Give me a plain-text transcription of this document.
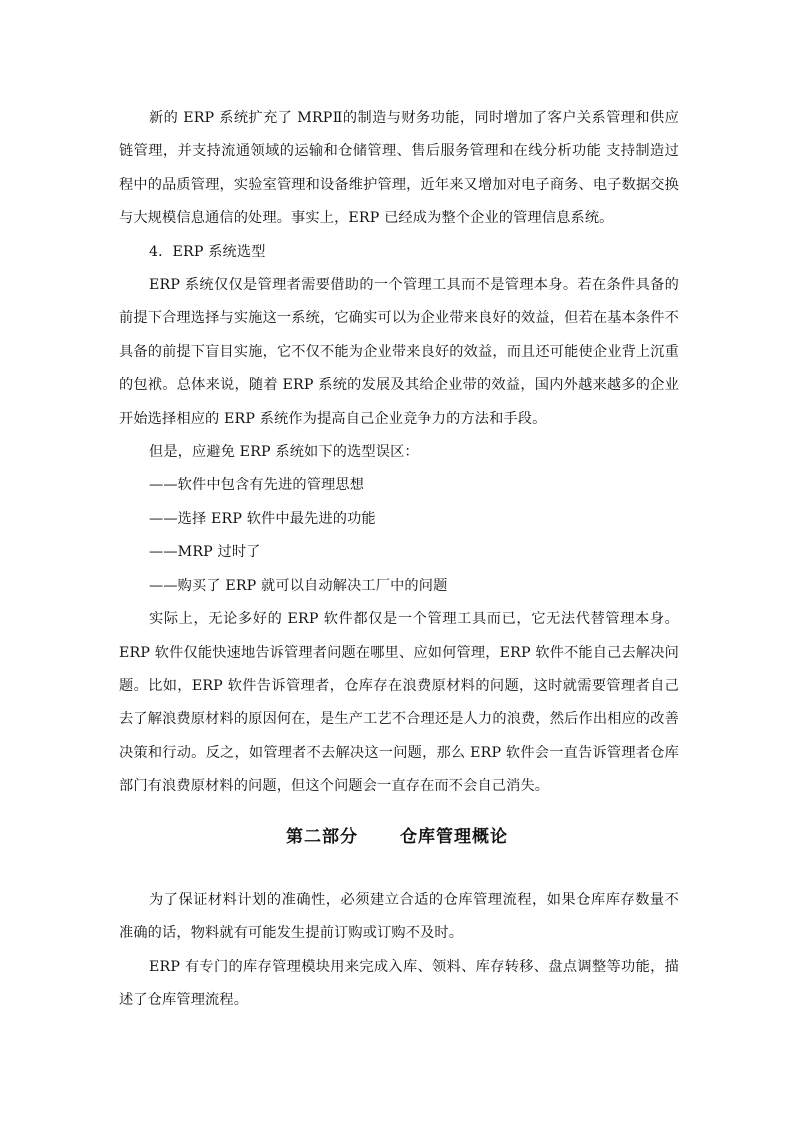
新的 ERP 系统扩充了 MRPⅡ的制造与财务功能，同时增加了客户关系管理和供应链管理，并支持流通领域的运输和仓储管理、售后服务管理和在线分析功能 支持制造过程中的品质管理，实验室管理和设备维护管理，近年来又增加对电子商务、电子数据交换与大规模信息通信的处理。事实上，ERP 已经成为整个企业的管理信息系统。

4．ERP 系统选型

ERP 系统仅仅是管理者需要借助的一个管理工具而不是管理本身。若在条件具备的前提下合理选择与实施这一系统，它确实可以为企业带来良好的效益，但若在基本条件不具备的前提下盲目实施，它不仅不能为企业带来良好的效益，而且还可能使企业背上沉重的包袱。总体来说，随着 ERP 系统的发展及其给企业带的效益，国内外越来越多的企业开始选择相应的 ERP 系统作为提高自己企业竞争力的方法和手段。

但是，应避免 ERP 系统如下的选型误区：

——软件中包含有先进的管理思想

——选择 ERP 软件中最先进的功能

——MRP 过时了

——购买了 ERP 就可以自动解决工厂中的问题

实际上，无论多好的 ERP 软件都仅是一个管理工具而已，它无法代替管理本身。ERP 软件仅能快速地告诉管理者问题在哪里、应如何管理，ERP 软件不能自己去解决问题。比如，ERP 软件告诉管理者，仓库存在浪费原材料的问题，这时就需要管理者自己去了解浪费原材料的原因何在，是生产工艺不合理还是人力的浪费，然后作出相应的改善决策和行动。反之，如管理者不去解决这一问题，那么 ERP 软件会一直告诉管理者仓库部门有浪费原材料的问题，但这个问题会一直存在而不会自己消失。

第二部分 仓库管理概论

为了保证材料计划的准确性，必须建立合适的仓库管理流程，如果仓库库存数量不准确的话，物料就有可能发生提前订购或订购不及时。

ERP 有专门的库存管理模块用来完成入库、领料、库存转移、盘点调整等功能，描述了仓库管理流程。
